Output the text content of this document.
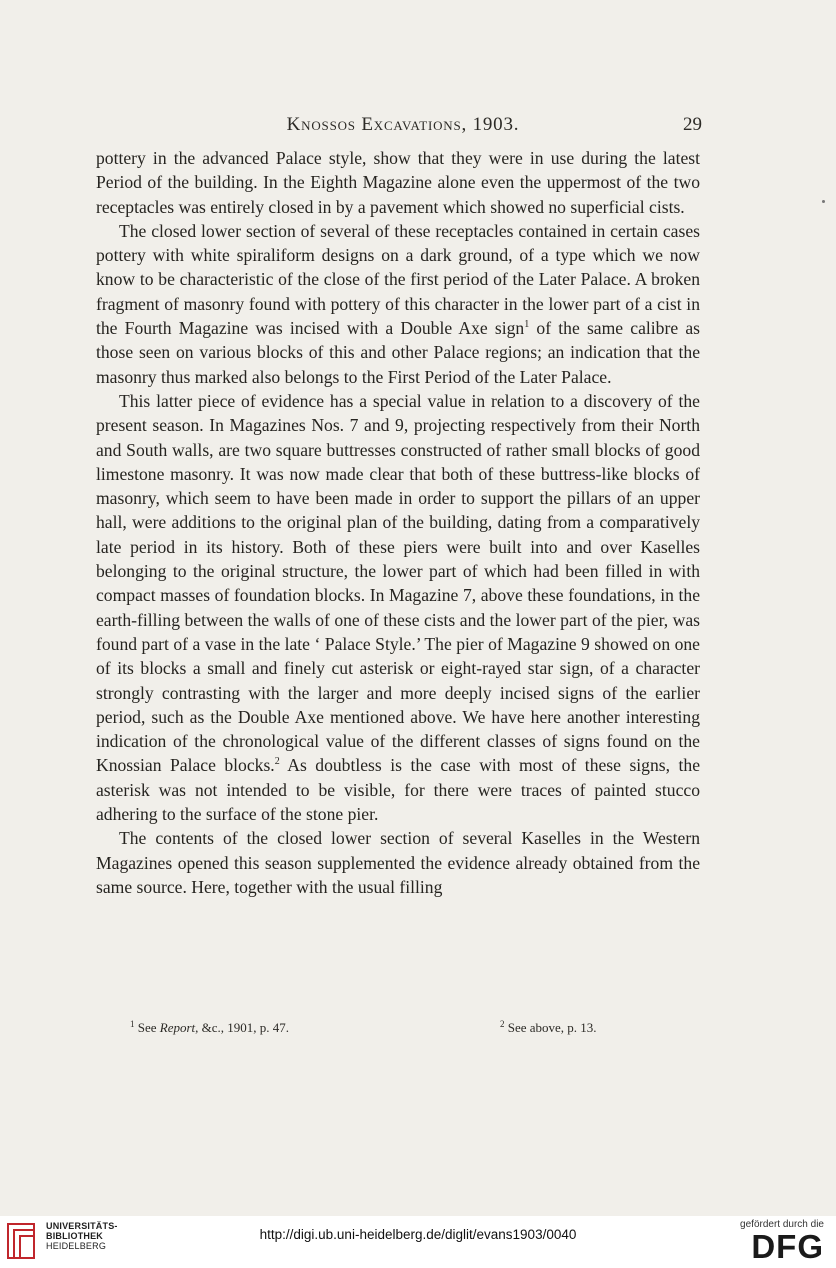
Knossos Excavations, 1903.	29

pottery in the advanced Palace style, show that they were in use during the latest Period of the building. In the Eighth Magazine alone even the uppermost of the two receptacles was entirely closed in by a pavement which showed no superficial cists.

The closed lower section of several of these receptacles contained in certain cases pottery with white spiraliform designs on a dark ground, of a type which we now know to be characteristic of the close of the first period of the Later Palace. A broken fragment of masonry found with pottery of this character in the lower part of a cist in the Fourth Magazine was incised with a Double Axe sign$^1$ of the same calibre as those seen on various blocks of this and other Palace regions; an indication that the masonry thus marked also belongs to the First Period of the Later Palace.

This latter piece of evidence has a special value in relation to a discovery of the present season. In Magazines Nos. 7 and 9, projecting respectively from their North and South walls, are two square buttresses constructed of rather small blocks of good limestone masonry. It was now made clear that both of these buttress-like blocks of masonry, which seem to have been made in order to support the pillars of an upper hall, were additions to the original plan of the building, dating from a comparatively late period in its history. Both of these piers were built into and over Kaselles belonging to the original structure, the lower part of which had been filled in with compact masses of foundation blocks. In Magazine 7, above these foundations, in the earth-filling between the walls of one of these cists and the lower part of the pier, was found part of a vase in the late ‘ Palace Style.’ The pier of Magazine 9 showed on one of its blocks a small and finely cut asterisk or eight-rayed star sign, of a character strongly contrasting with the larger and more deeply incised signs of the earlier period, such as the Double Axe mentioned above. We have here another interesting indication of the chronological value of the different classes of signs found on the Knossian Palace blocks.$^2$ As doubtless is the case with most of these signs, the asterisk was not intended to be visible, for there were traces of painted stucco adhering to the surface of the stone pier.

The contents of the closed lower section of several Kaselles in the Western Magazines opened this season supplemented the evidence already obtained from the same source. Here, together with the usual filling

$^1$ See Report, &c., 1901, p. 47.	$^2$ See above, p. 13.
UNIVERSITÄTS-
BIBLIOTHEK
HEIDELBERG
http://digi.ub.uni-heidelberg.de/diglit/evans1903/0040
gefördert durch die
DFG
